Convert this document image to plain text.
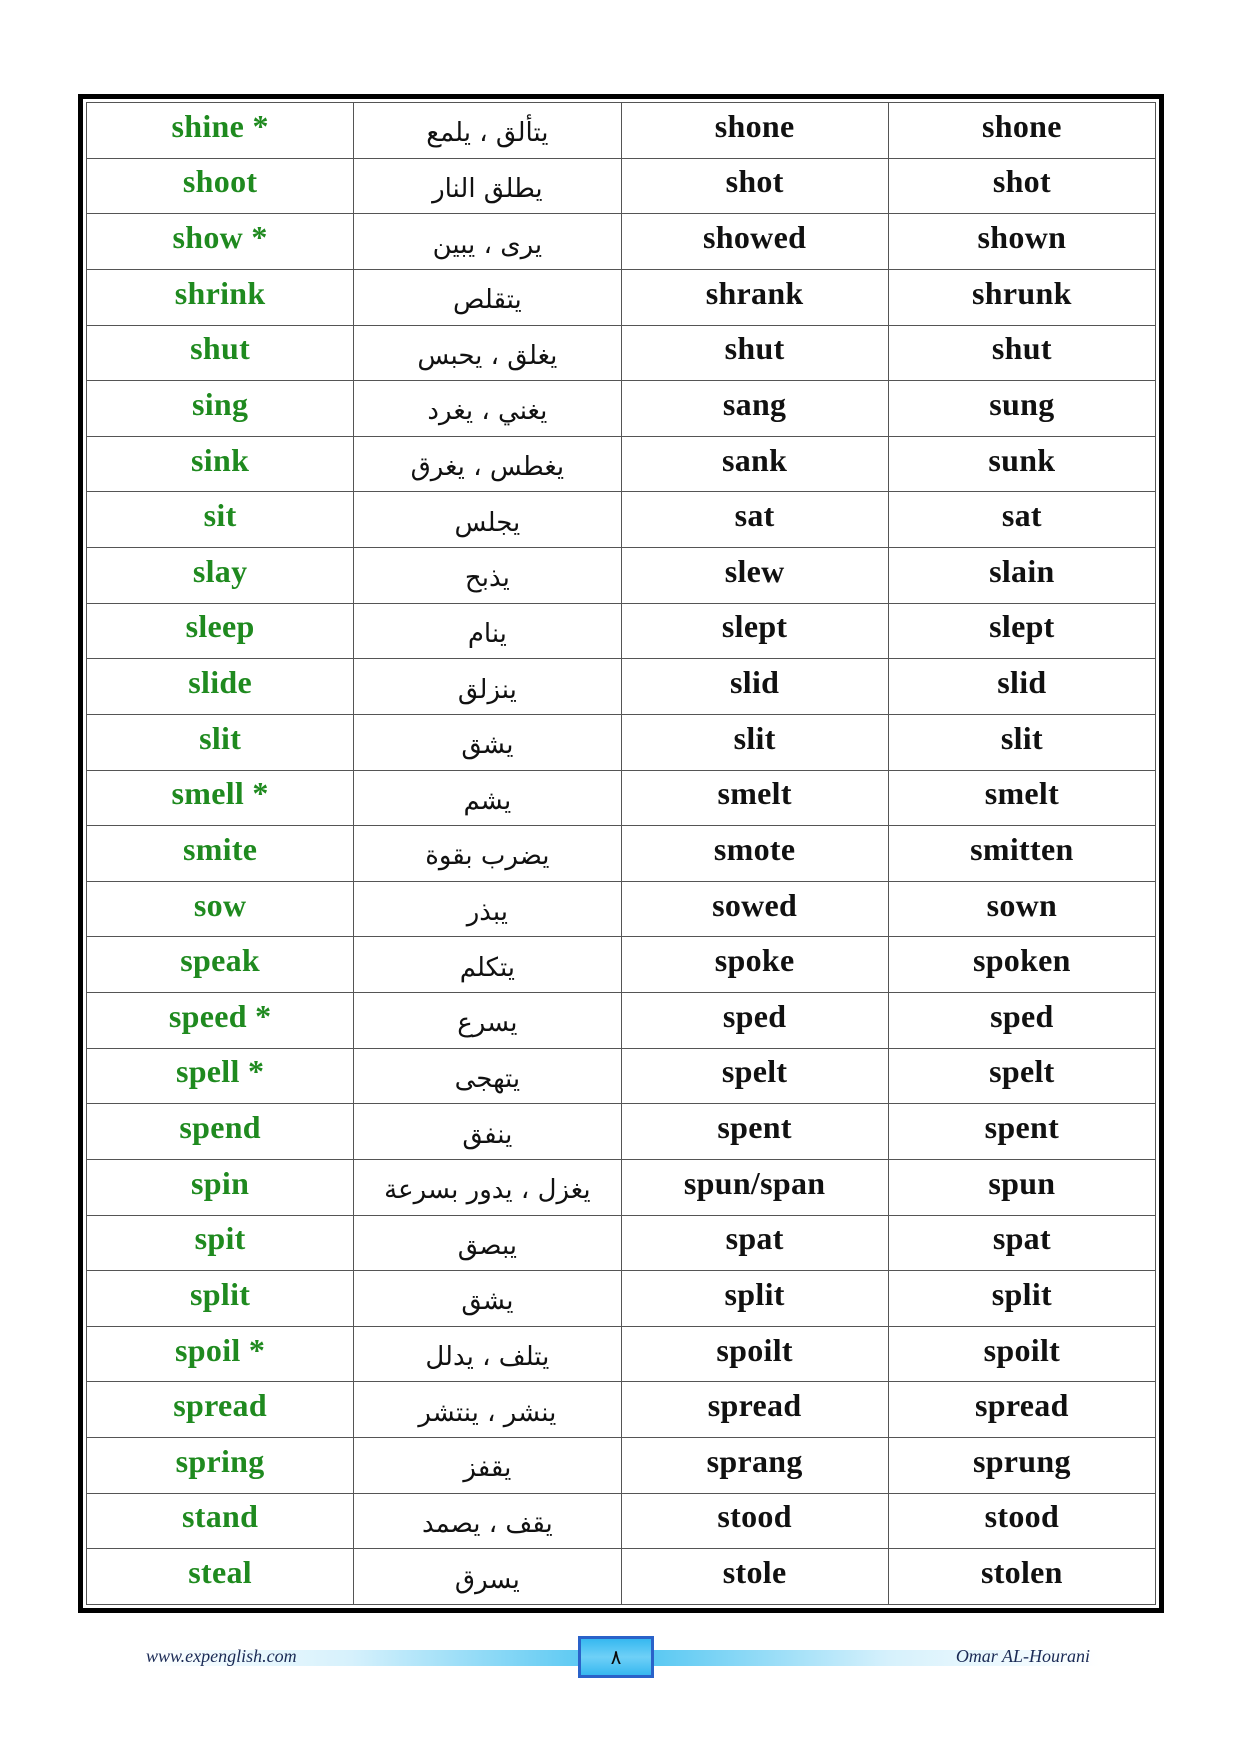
shine *	يتألق ، يلمع	shone	shone
shoot	يطلق النار	shot	shot
show *	يرى ، يبين	showed	shown
shrink	يتقلص	shrank	shrunk
shut	يغلق ، يحبس	shut	shut
sing	يغني ، يغرد	sang	sung
sink	يغطس ، يغرق	sank	sunk
sit	يجلس	sat	sat
slay	يذبح	slew	slain
sleep	ينام	slept	slept
slide	ينزلق	slid	slid
slit	يشق	slit	slit
smell *	يشم	smelt	smelt
smite	يضرب بقوة	smote	smitten
sow	يبذر	sowed	sown
speak	يتكلم	spoke	spoken
speed *	يسرع	sped	sped
spell *	يتهجى	spelt	spelt
spend	ينفق	spent	spent
spin	يغزل ، يدور بسرعة	spun/span	spun
spit	يبصق	spat	spat
split	يشق	split	split
spoil *	يتلف ، يدلل	spoilt	spoilt
spread	ينشر ، ينتشر	spread	spread
spring	يقفز	sprang	sprung
stand	يقف ، يصمد	stood	stood
steal	يسرق	stole	stolen
www.expenglish.com	٨	Omar AL-Hourani
